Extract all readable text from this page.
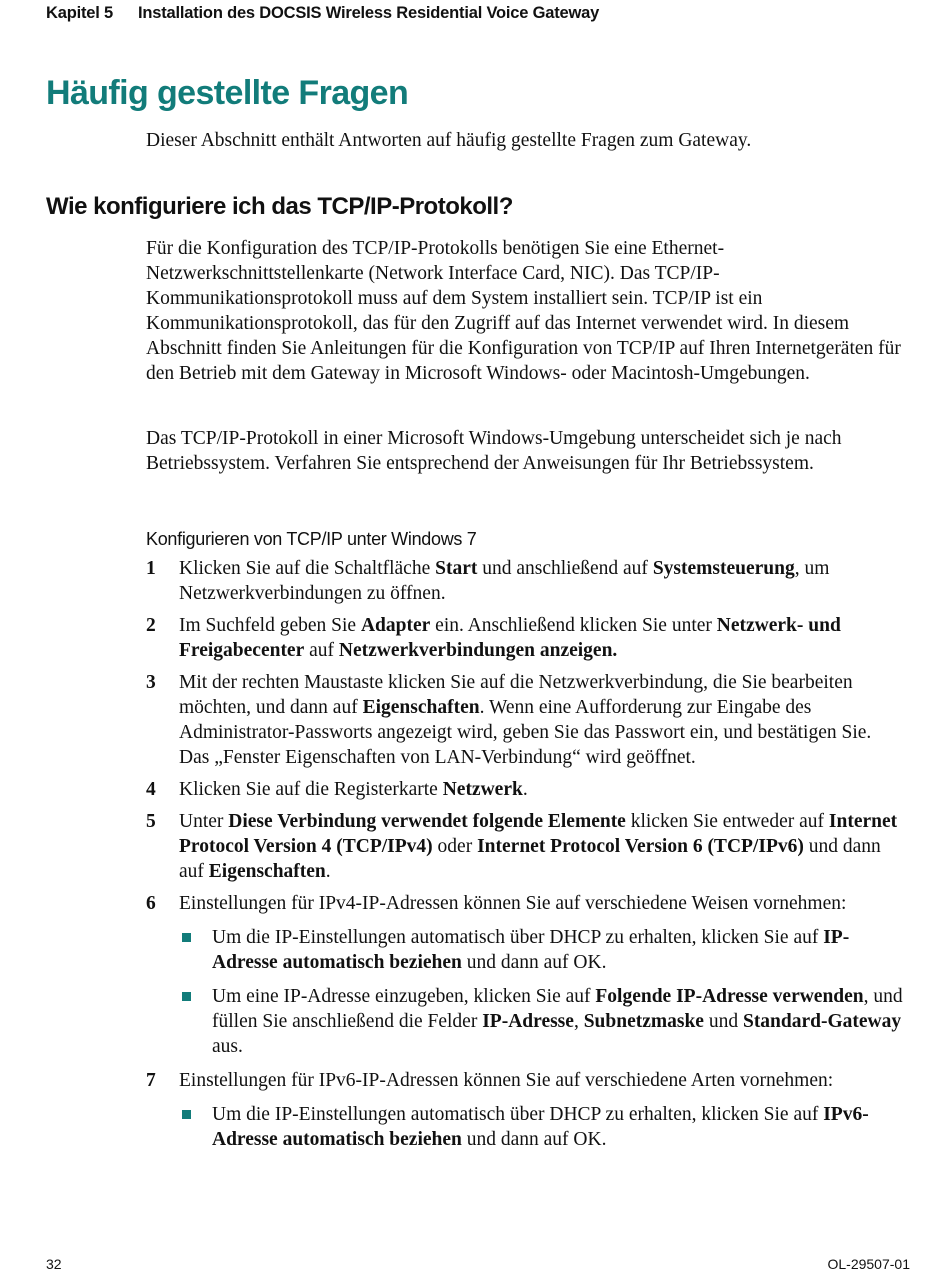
Kapitel 5 Installation des DOCSIS Wireless Residential Voice Gateway
Häufig gestellte Fragen

Dieser Abschnitt enthält Antworten auf häufig gestellte Fragen zum Gateway.

Wie konfiguriere ich das TCP/IP-Protokoll?

Für die Konfiguration des TCP/IP-Protokolls benötigen Sie eine Ethernet-Netzwerkschnittstellenkarte (Network Interface Card, NIC). Das TCP/IP-Kommunikationsprotokoll muss auf dem System installiert sein. TCP/IP ist ein Kommunikationsprotokoll, das für den Zugriff auf das Internet verwendet wird. In diesem Abschnitt finden Sie Anleitungen für die Konfiguration von TCP/IP auf Ihren Internetgeräten für den Betrieb mit dem Gateway in Microsoft Windows- oder Macintosh-Umgebungen.

Das TCP/IP-Protokoll in einer Microsoft Windows-Umgebung unterscheidet sich je nach Betriebssystem. Verfahren Sie entsprechend der Anweisungen für Ihr Betriebssystem.

Konfigurieren von TCP/IP unter Windows 7
1 Klicken Sie auf die Schaltfläche Start und anschließend auf Systemsteuerung, um Netzwerkverbindungen zu öffnen.
2 Im Suchfeld geben Sie Adapter ein. Anschließend klicken Sie unter Netzwerk- und Freigabecenter auf Netzwerkverbindungen anzeigen.
3 Mit der rechten Maustaste klicken Sie auf die Netzwerkverbindung, die Sie bearbeiten möchten, und dann auf Eigenschaften. Wenn eine Aufforderung zur Eingabe des Administrator-Passworts angezeigt wird, geben Sie das Passwort ein, und bestätigen Sie. Das „Fenster Eigenschaften von LAN-Verbindung“ wird geöffnet.
4 Klicken Sie auf die Registerkarte Netzwerk.
5 Unter Diese Verbindung verwendet folgende Elemente klicken Sie entweder auf Internet Protocol Version 4 (TCP/IPv4) oder Internet Protocol Version 6 (TCP/IPv6) und dann auf Eigenschaften.
6 Einstellungen für IPv4-IP-Adressen können Sie auf verschiedene Weisen vornehmen:
Um die IP-Einstellungen automatisch über DHCP zu erhalten, klicken Sie auf IP-Adresse automatisch beziehen und dann auf OK.
Um eine IP-Adresse einzugeben, klicken Sie auf Folgende IP-Adresse verwenden, und füllen Sie anschließend die Felder IP-Adresse, Subnetzmaske und Standard-Gateway aus.
7 Einstellungen für IPv6-IP-Adressen können Sie auf verschiedene Arten vornehmen:
Um die IP-Einstellungen automatisch über DHCP zu erhalten, klicken Sie auf IPv6-Adresse automatisch beziehen und dann auf OK.
32	OL-29507-01
